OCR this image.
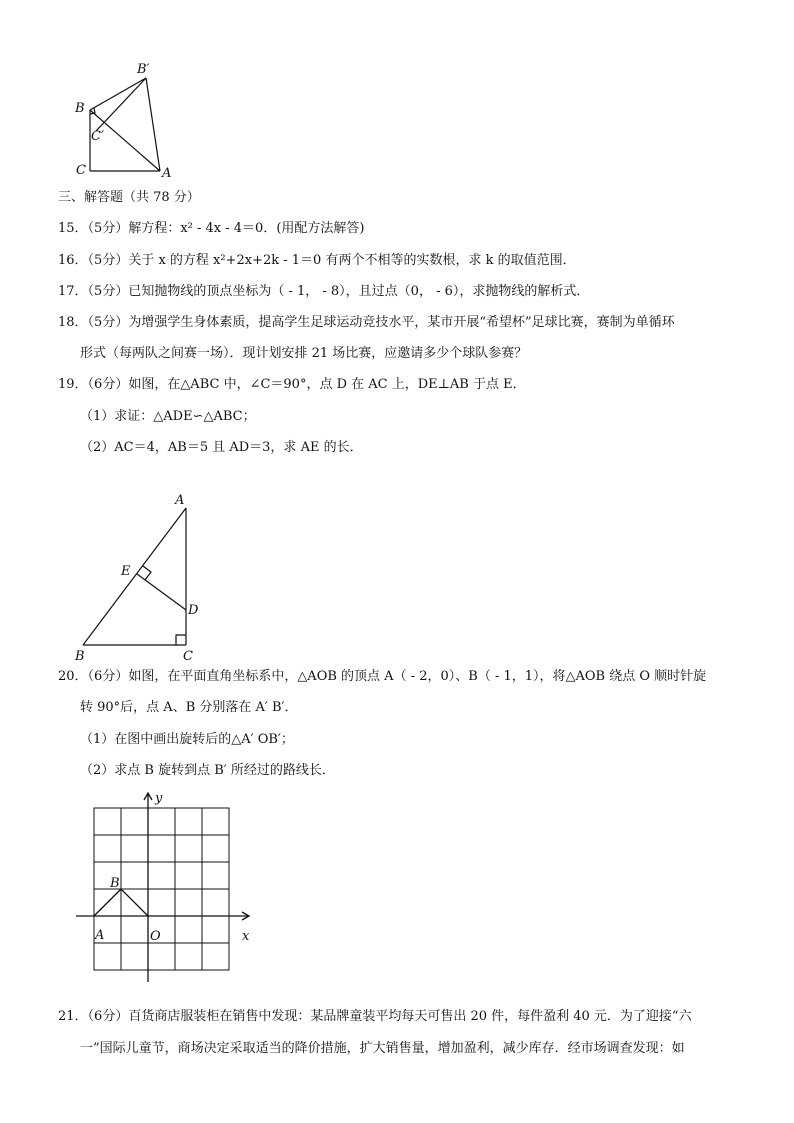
B′
B
C′
C	A
三、解答题（共 78 分）
15．（5分）解方程：x² - 4x - 4＝0．(用配方法解答)
16．（5分）关于 x 的方程 x²+2x+2k - 1＝0 有两个不相等的实数根，求 k 的取值范围．
17．（5分）已知抛物线的顶点坐标为（ - 1， - 8），且过点（0， - 6），求抛物线的解析式．
18．（5分）为增强学生身体素质，提高学生足球运动竞技水平，某市开展“希望杯”足球比赛，赛制为单循环
形式（每两队之间赛一场）．现计划安排 21 场比赛，应邀请多少个球队参赛？
19．（6分）如图，在△ABC 中，∠C＝90°，点 D 在 AC 上，DE⊥AB 于点 E．
（1）求证：△ADE∽△ABC；
（2）AC＝4，AB＝5 且 AD＝3，求 AE 的长．
A
E
D
B	C
20．（6分）如图，在平面直角坐标系中，△AOB 的顶点 A（ - 2，0）、B（ - 1，1），将△AOB 绕点 O 顺时针旋
转 90°后，点 A、B 分别落在 A′ B′．
（1）在图中画出旋转后的△A′ OB′；
（2）求点 B 旋转到点 B′ 所经过的路线长．
y
x
B
A	O
21．（6分）百货商店服装柜在销售中发现：某品牌童装平均每天可售出 20 件，每件盈利 40 元．为了迎接“六
一”国际儿童节，商场决定采取适当的降价措施，扩大销售量，增加盈利，减少库存．经市场调查发现：如
